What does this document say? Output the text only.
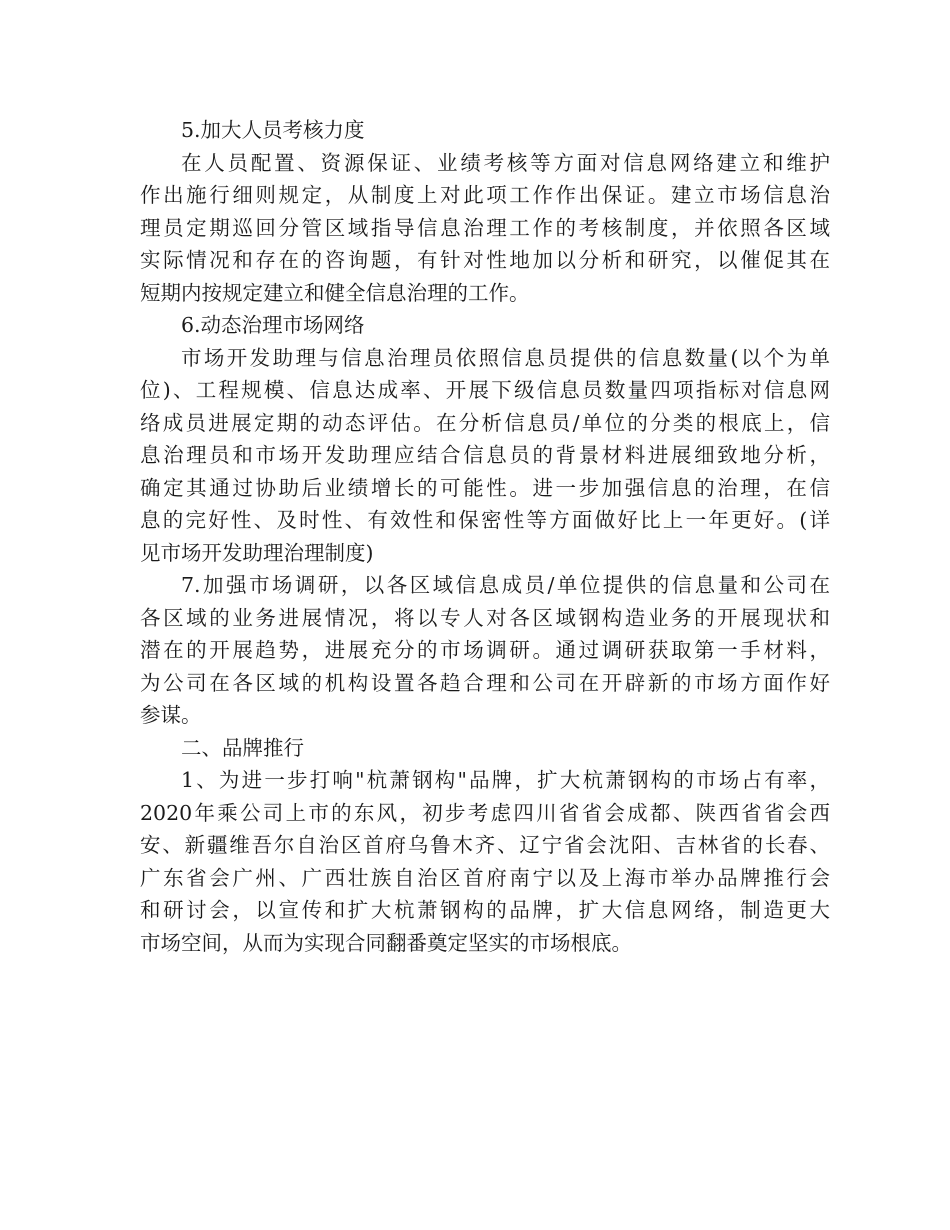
5.加大人员考核力度
在人员配置、资源保证、业绩考核等方面对信息网络建立和维护
作出施行细则规定，从制度上对此项工作作出保证。建立市场信息治
理员定期巡回分管区域指导信息治理工作的考核制度，并依照各区域
实际情况和存在的咨询题，有针对性地加以分析和研究，以催促其在
短期内按规定建立和健全信息治理的工作。
6.动态治理市场网络
市场开发助理与信息治理员依照信息员提供的信息数量(以个为单
位)、工程规模、信息达成率、开展下级信息员数量四项指标对信息网
络成员进展定期的动态评估。在分析信息员/单位的分类的根底上，信
息治理员和市场开发助理应结合信息员的背景材料进展细致地分析，
确定其通过协助后业绩增长的可能性。进一步加强信息的治理，在信
息的完好性、及时性、有效性和保密性等方面做好比上一年更好。(详
见市场开发助理治理制度)
7.加强市场调研，以各区域信息成员/单位提供的信息量和公司在
各区域的业务进展情况，将以专人对各区域钢构造业务的开展现状和
潜在的开展趋势，进展充分的市场调研。通过调研获取第一手材料，
为公司在各区域的机构设置各趋合理和公司在开辟新的市场方面作好
参谋。
二、品牌推行
1、为进一步打响"杭萧钢构"品牌，扩大杭萧钢构的市场占有率，
2020年乘公司上市的东风，初步考虑四川省省会成都、陕西省省会西
安、新疆维吾尔自治区首府乌鲁木齐、辽宁省会沈阳、吉林省的长春、
广东省会广州、广西壮族自治区首府南宁以及上海市举办品牌推行会
和研讨会，以宣传和扩大杭萧钢构的品牌，扩大信息网络，制造更大
市场空间，从而为实现合同翻番奠定坚实的市场根底。
